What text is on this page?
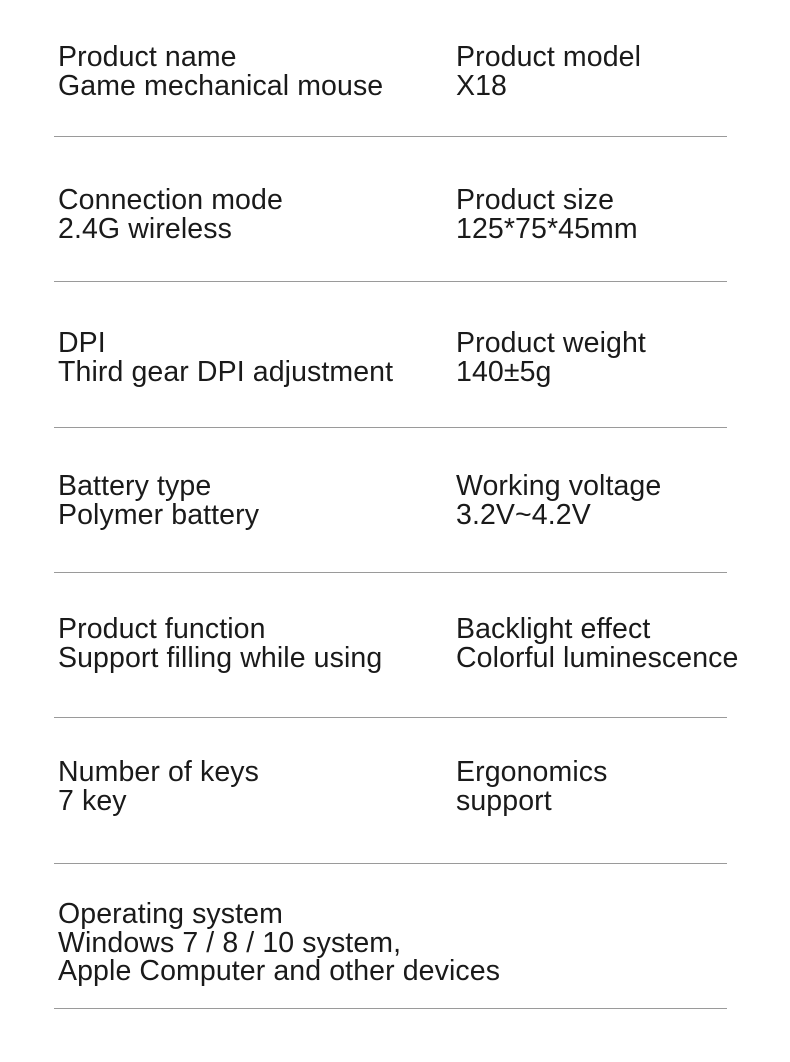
Product name
Game mechanical mouse
Product model
X18
Connection mode
2.4G wireless
Product size
125*75*45mm
DPI
Third gear DPI adjustment
Product weight
140±5g
Battery type
Polymer battery
Working voltage
3.2V~4.2V
Product function
Support filling while using
Backlight effect
Colorful luminescence
Number of keys
7 key
Ergonomics
support
Operating system
Windows 7 / 8 / 10 system,
Apple Computer and other devices
